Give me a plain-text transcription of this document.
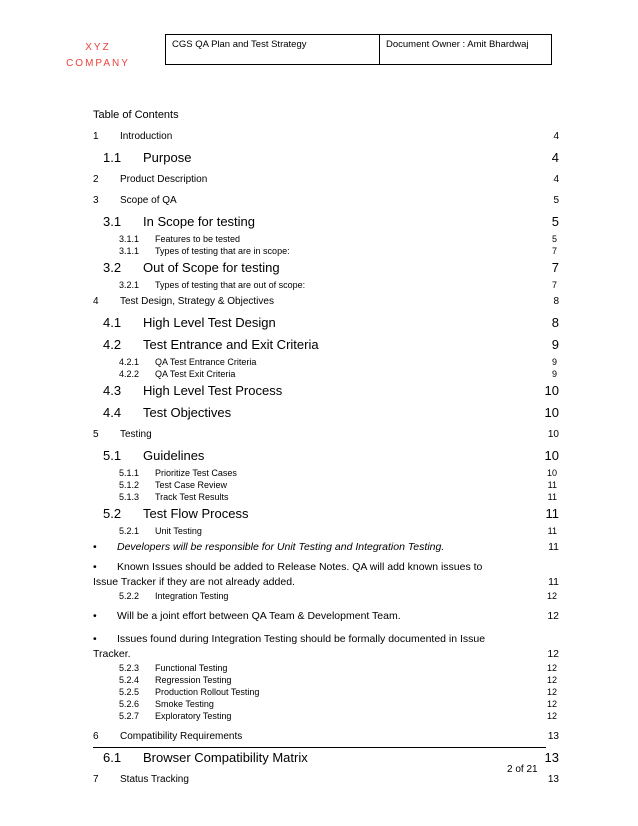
XYZ
COMPANY
CGS QA Plan and Test Strategy	Document Owner : Amit Bhardwaj
Table of Contents
1	Introduction	4
1.1	Purpose	4
2	Product Description	4
3	Scope of QA	5
3.1	In Scope for testing	5
3.1.1	Features to be tested	5
3.1.1	Types of testing that are in scope:	7
3.2	Out of Scope for testing	7
3.2.1	Types of testing that are out of scope:	7
4	Test Design, Strategy & Objectives	8
4.1	High Level Test Design	8
4.2	Test Entrance and Exit Criteria	9
4.2.1	QA Test Entrance Criteria	9
4.2.2	QA Test Exit Criteria	9
4.3	High Level Test Process	10
4.4	Test Objectives	10
5	Testing	10
5.1	Guidelines	10
5.1.1	Prioritize Test Cases	10
5.1.2	Test Case Review	11
5.1.3	Track Test Results	11
5.2	Test Flow Process	11
5.2.1	Unit Testing	11
•	Developers will be responsible for Unit Testing and Integration Testing.	11
• Known Issues should be added to Release Notes. QA will add known issues to
Issue Tracker if they are not already added.	11
5.2.2	Integration Testing	12
•	Will be a joint effort between QA Team & Development Team.	12
• Issues found during Integration Testing should be formally documented in Issue
Tracker.	12
5.2.3	Functional Testing	12
5.2.4	Regression Testing	12
5.2.5	Production Rollout Testing	12
5.2.6	Smoke Testing	12
5.2.7	Exploratory Testing	12
6	Compatibility Requirements	13
6.1	Browser Compatibility Matrix	13
7	Status Tracking	13
2 of 21
